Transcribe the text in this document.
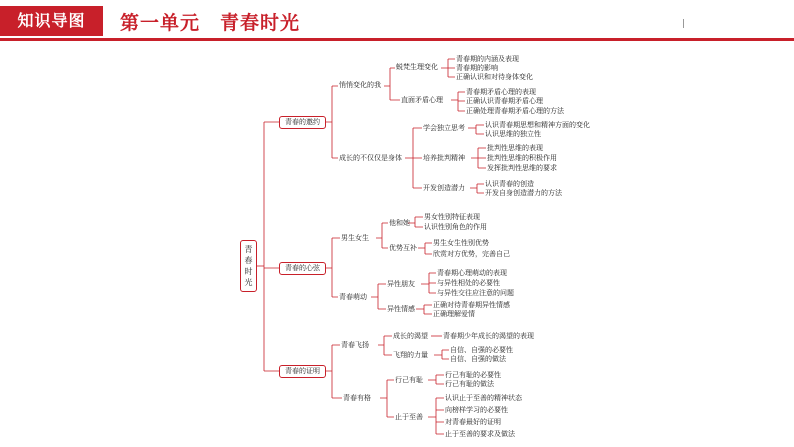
知识导图	第一单元 青春时光
青春时光
青春的邀约
青春的心弦
青春的证明
悄悄变化的我
蜕梵生理变化
青春期的内涵及表现
青春期的影响
正确认识和对待身体变化
直面矛盾心理
青春期矛盾心理的表现
正确认识青春期矛盾心理
正确处理青春期矛盾心理的方法
成长的不仅仅是身体
学会独立思考	认识青春期思想和精神方面的变化
认识思维的独立性
培养批判精神
批判性思维的表现
批判性思维的积极作用
发挥批判性思维的要求
开发创造潜力	认识青春的创造
开发自身创造潜力的方法
男生女生
他和她
男女性别特征表现
认识性别角色的作用
优势互补
男生女生性别优势
欣赏对方优势，完善自己
青春萌动
异性朋友
青春期心理萌动的表现
与异性相处的必要性
与异性交往应注意的问题
异性情感	正确对待青春期异性情感
正确理解爱情
青春飞扬
成长的渴望 青春期少年成长的渴望的表现
飞翔的力量
自信、自强的必要性
自信、自强的做法
青春有格
行己有耻
行己有耻的必要性
行己有耻的做法
止于至善
认识止于至善的精神状态
向榜样学习的必要性
对青春最好的证明
止于至善的要求及做法
